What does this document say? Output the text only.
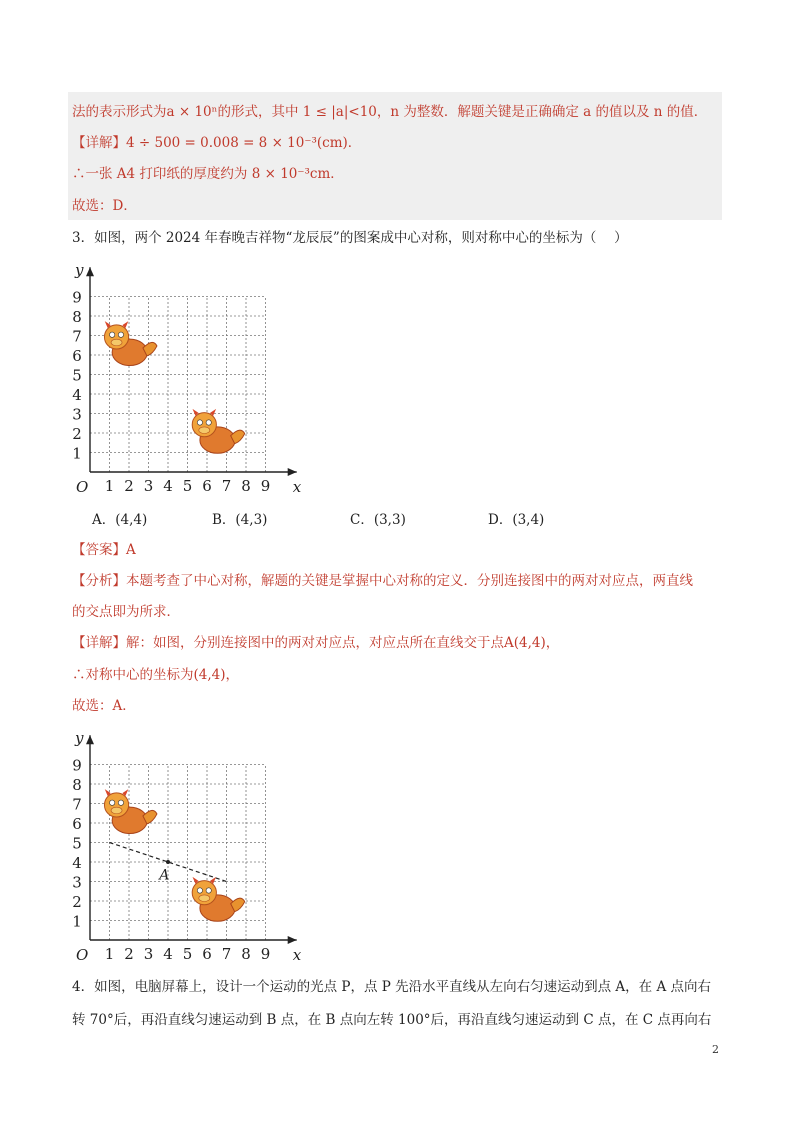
法的表示形式为a × 10ⁿ的形式，其中 1 ≤ |a|<10，n 为整数．解题关键是正确确定 a 的值以及 n 的值．
【详解】4 ÷ 500 = 0.008 = 8 × 10⁻³(cm)．
∴一张 A4 打印纸的厚度约为 8 × 10⁻³cm．
故选：D．
3．如图，两个 2024 年春晚吉祥物“龙辰辰”的图案成中心对称，则对称中心的坐标为（　 ）
1 2 3 4 5 6 7 8 9
1
2
3
4
5
6
7
8
9
O	x
y
A．(4,4)	B．(4,3)	C．(3,3)	D．(3,4)
【答案】A
【分析】本题考查了中心对称，解题的关键是掌握中心对称的定义．分别连接图中的两对对应点，两直线
的交点即为所求．
【详解】解：如图，分别连接图中的两对对应点，对应点所在直线交于点A(4,4)，
∴对称中心的坐标为(4,4)，
故选：A．
1 2 3 4 5 6 7 8 9
1
2
3
4
5
6
7
8
9
O	x
y
A
4．如图，电脑屏幕上，设计一个运动的光点 P，点 P 先沿水平直线从左向右匀速运动到点 A，在 A 点向右
转 70°后，再沿直线匀速运动到 B 点，在 B 点向左转 100°后，再沿直线匀速运动到 C 点，在 C 点再向右
2
